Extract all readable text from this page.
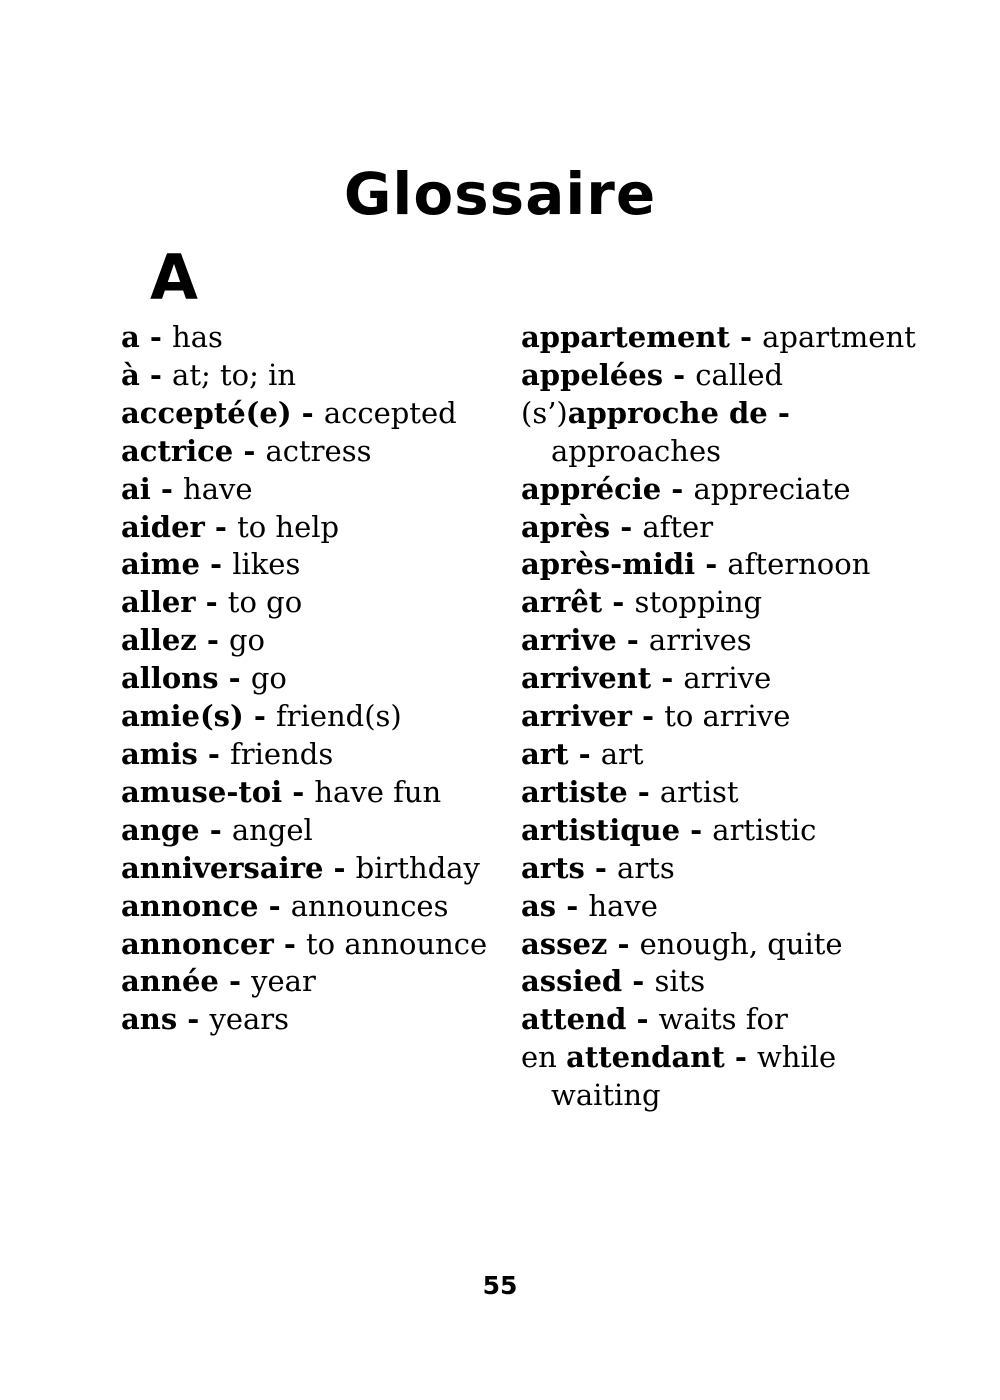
Glossaire
A
a - has
à - at; to; in
accepté(e) - accepted
actrice - actress
ai - have
aider - to help
aime - likes
aller - to go
allez - go
allons - go
amie(s) - friend(s)
amis - friends
amuse-toi - have fun
ange - angel
anniversaire - birthday
annonce - announces
annoncer - to announce
année - year
ans - years
appartement - apartment
appelées - called
(s’)approche de - approaches
apprécie - appreciate
après - after
après-midi - afternoon
arrêt - stopping
arrive - arrives
arrivent - arrive
arriver - to arrive
art - art
artiste - artist
artistique - artistic
arts - arts
as - have
assez - enough, quite
assied - sits
attend - waits for
en attendant - while waiting
55
